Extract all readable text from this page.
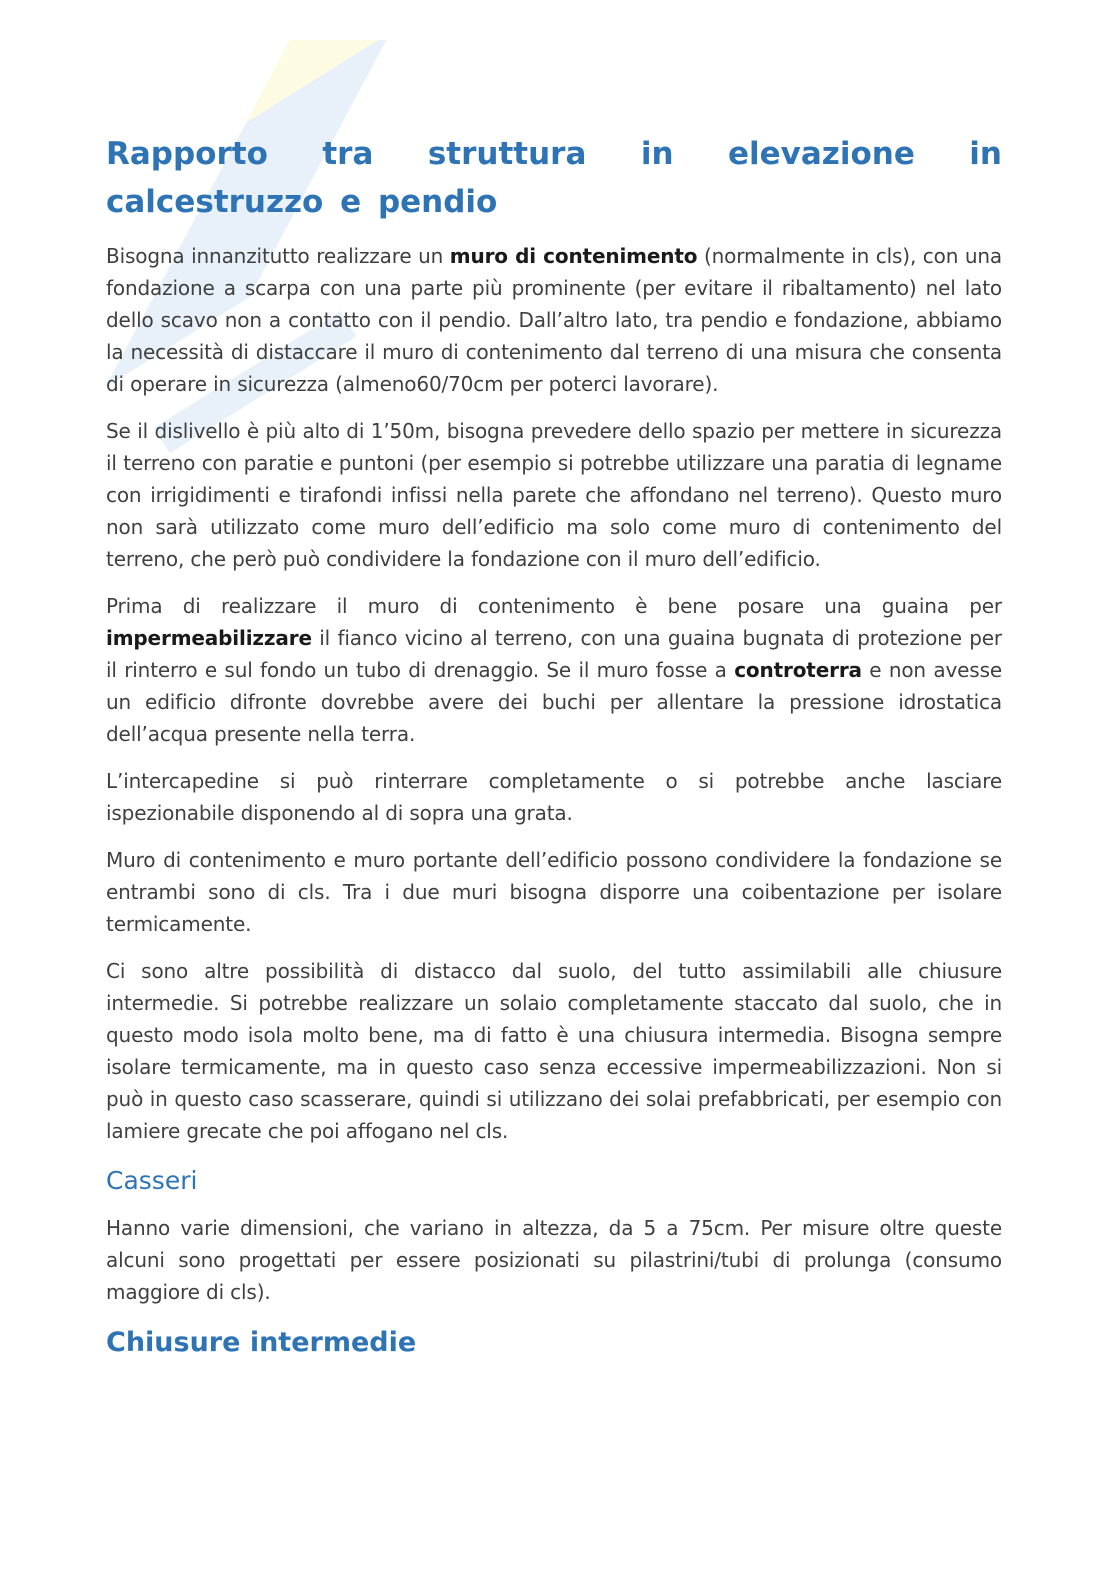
Rapporto tra struttura in elevazione in calcestruzzo e pendio

Bisogna innanzitutto realizzare un muro di contenimento (normalmente in cls), con una fondazione a scarpa con una parte più prominente (per evitare il ribaltamento) nel lato dello scavo non a contatto con il pendio. Dall’altro lato, tra pendio e fondazione, abbiamo la necessità di distaccare il muro di contenimento dal terreno di una misura che consenta di operare in sicurezza (almeno60/70cm per poterci lavorare).

Se il dislivello è più alto di 1’50m, bisogna prevedere dello spazio per mettere in sicurezza il terreno con paratie e puntoni (per esempio si potrebbe utilizzare una paratia di legname con irrigidimenti e tirafondi infissi nella parete che affondano nel terreno). Questo muro non sarà utilizzato come muro dell’edificio ma solo come muro di contenimento del terreno, che però può condividere la fondazione con il muro dell’edificio.

Prima di realizzare il muro di contenimento è bene posare una guaina per impermeabilizzare il fianco vicino al terreno, con una guaina bugnata di protezione per il rinterro e sul fondo un tubo di drenaggio. Se il muro fosse a controterra e non avesse un edificio difronte dovrebbe avere dei buchi per allentare la pressione idrostatica dell’acqua presente nella terra.

L’intercapedine si può rinterrare completamente o si potrebbe anche lasciare ispezionabile disponendo al di sopra una grata.

Muro di contenimento e muro portante dell’edificio possono condividere la fondazione se entrambi sono di cls. Tra i due muri bisogna disporre una coibentazione per isolare termicamente.

Ci sono altre possibilità di distacco dal suolo, del tutto assimilabili alle chiusure intermedie. Si potrebbe realizzare un solaio completamente staccato dal suolo, che in questo modo isola molto bene, ma di fatto è una chiusura intermedia. Bisogna sempre isolare termicamente, ma in questo caso senza eccessive impermeabilizzazioni. Non si può in questo caso scasserare, quindi si utilizzano dei solai prefabbricati, per esempio con lamiere grecate che poi affogano nel cls.

Casseri

Hanno varie dimensioni, che variano in altezza, da 5 a 75cm. Per misure oltre queste alcuni sono progettati per essere posizionati su pilastrini/tubi di prolunga (consumo maggiore di cls).

Chiusure intermedie
